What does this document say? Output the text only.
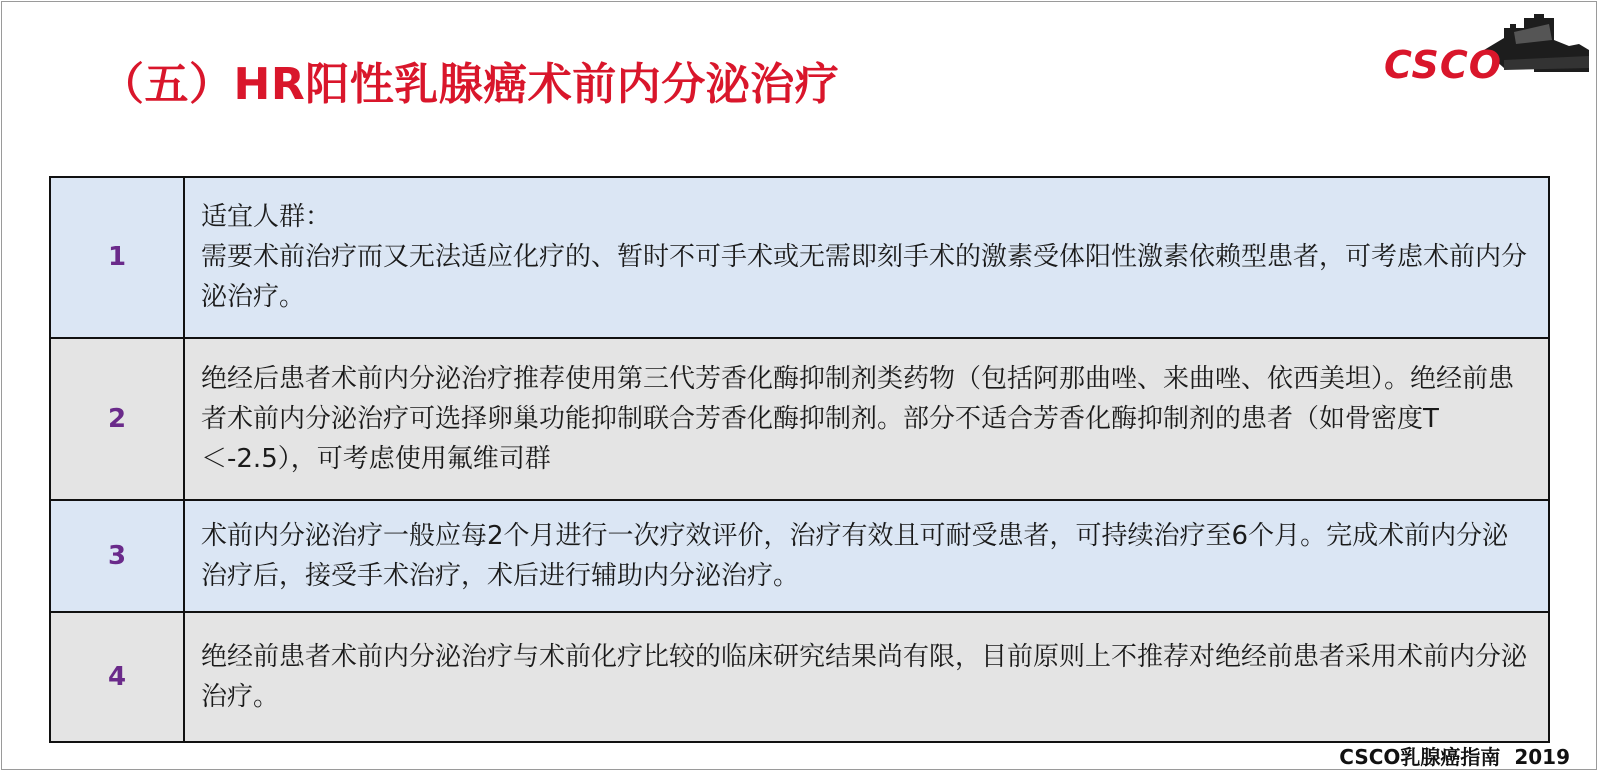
（五）HR阳性乳腺癌术前内分泌治疗	CSCO
1	适宜人群：
需要术前治疗而又无法适应化疗的、暂时不可手术或无需即刻手术的激素受体阳性激素依赖型患者，可考虑术前内分泌治疗。

2	绝经后患者术前内分泌治疗推荐使用第三代芳香化酶抑制剂类药物（包括阿那曲唑、来曲唑、依西美坦）。绝经前患者术前内分泌治疗可选择卵巢功能抑制联合芳香化酶抑制剂。部分不适合芳香化酶抑制剂的患者（如骨密度T＜-2.5），可考虑使用氟维司群

3	术前内分泌治疗一般应每2个月进行一次疗效评价，治疗有效且可耐受患者，可持续治疗至6个月。完成术前内分泌治疗后，接受手术治疗，术后进行辅助内分泌治疗。

4	绝经前患者术前内分泌治疗与术前化疗比较的临床研究结果尚有限，目前原则上不推荐对绝经前患者采用术前内分泌治疗。
CSCO乳腺癌指南  2019
